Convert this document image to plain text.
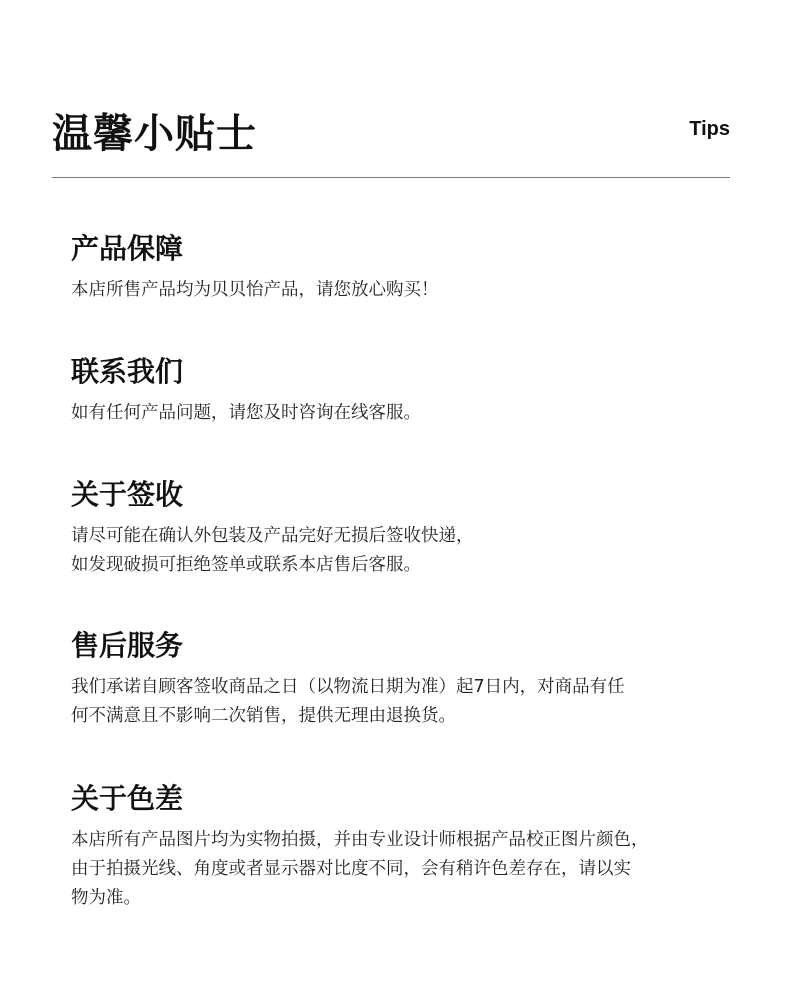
温馨小贴士	Tips
产品保障

本店所售产品均为贝贝怡产品，请您放心购买！

联系我们

如有任何产品问题，请您及时咨询在线客服。

关于签收

请尽可能在确认外包装及产品完好无损后签收快递，

如发现破损可拒绝签单或联系本店售后客服。

售后服务

我们承诺自顾客签收商品之日（以物流日期为准）起7日内，对商品有任

何不满意且不影响二次销售，提供无理由退换货。

关于色差

本店所有产品图片均为实物拍摄，并由专业设计师根据产品校正图片颜色，

由于拍摄光线、角度或者显示器对比度不同，会有稍许色差存在，请以实

物为准。
